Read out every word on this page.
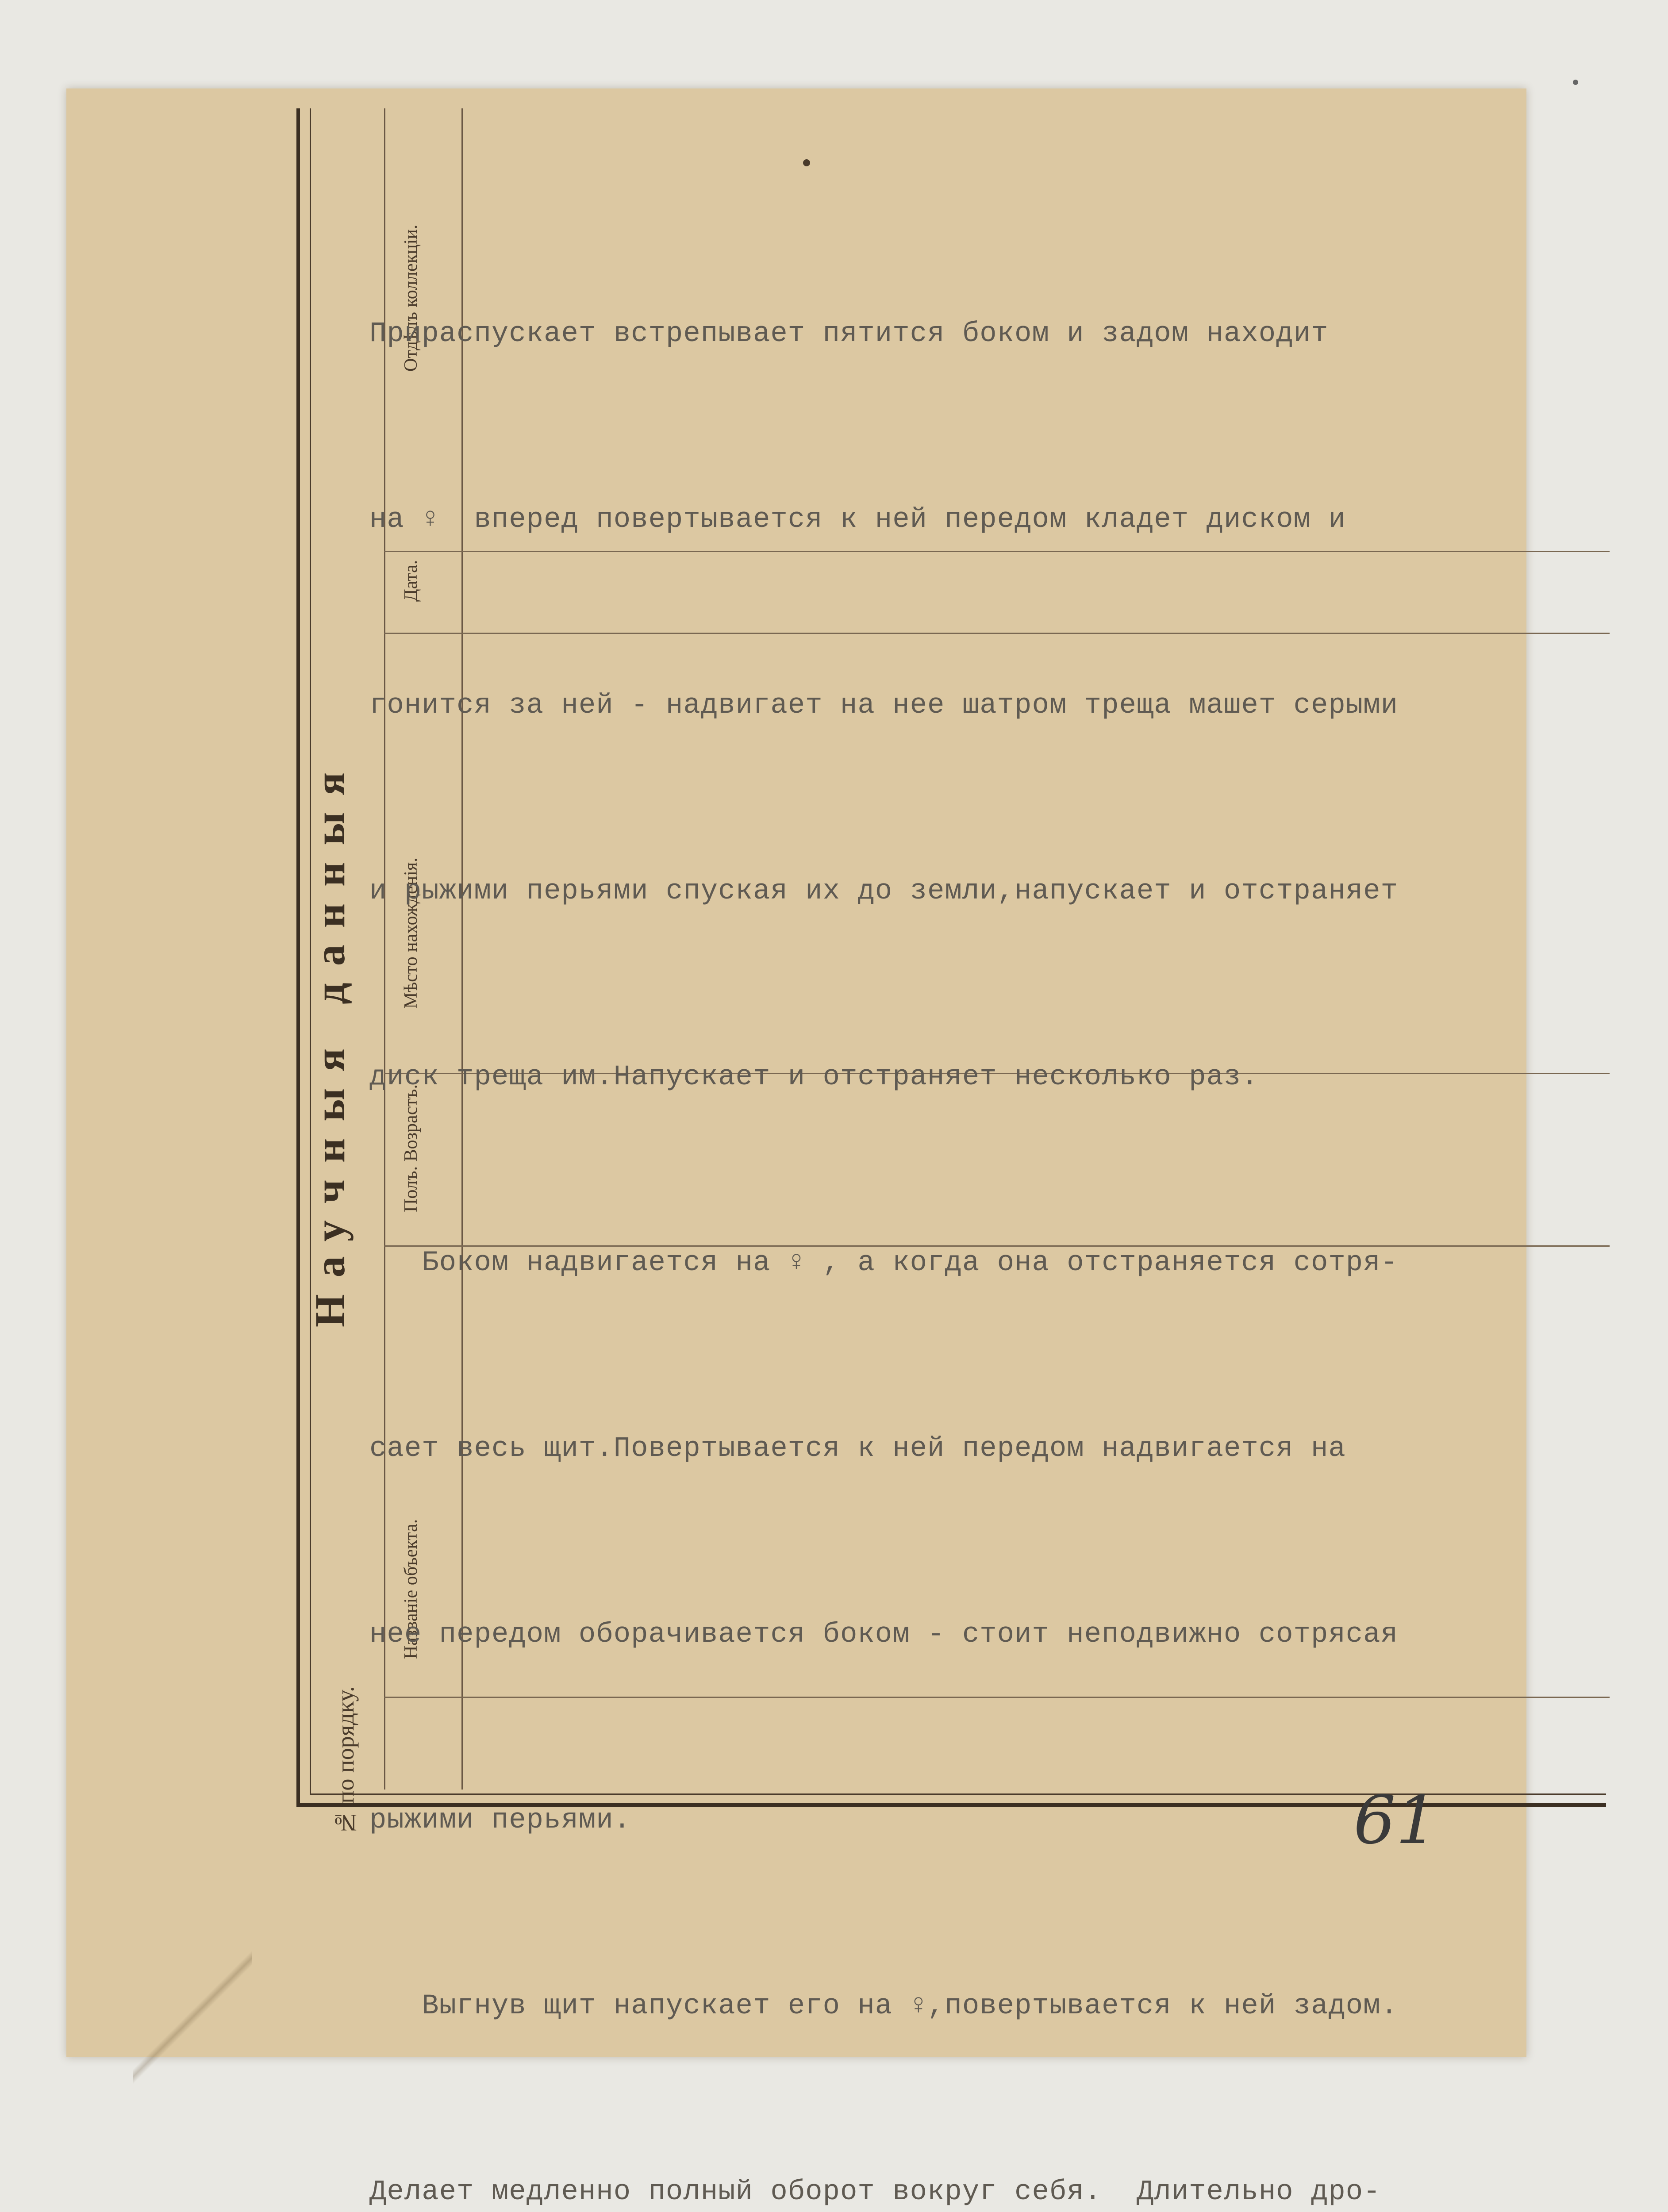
Научныя данныя
Отдѣлъ коллекціи.
Дата.
Мѣсто нахожденія.
Полъ. Возрастъ.
Названіе объекта.
№ по порядку.

Прираспускает встрепывает пятится боком и задом находит

на ♀  вперед повертывается к ней передом кладет диском и

гонится за ней - надвигает на нее шатром треща машет серыми

и рыжими перьями спуская их до земли,напускает и отстраняет

диск треща им.Напускает и отстраняет несколько раз.

Боком надвигается на ♀ , а когда она отстраняется сотря-

сает весь щит.Повертывается к ней передом надвигается на

нее передом оборачивается боком - стоит неподвижно сотрясая

рыжими перьями.

Выгнув щит напускает его на ♀,повертывается к ней задом.

Делает медленно полный оборот вокруг себя.  Длительно дро-

61
